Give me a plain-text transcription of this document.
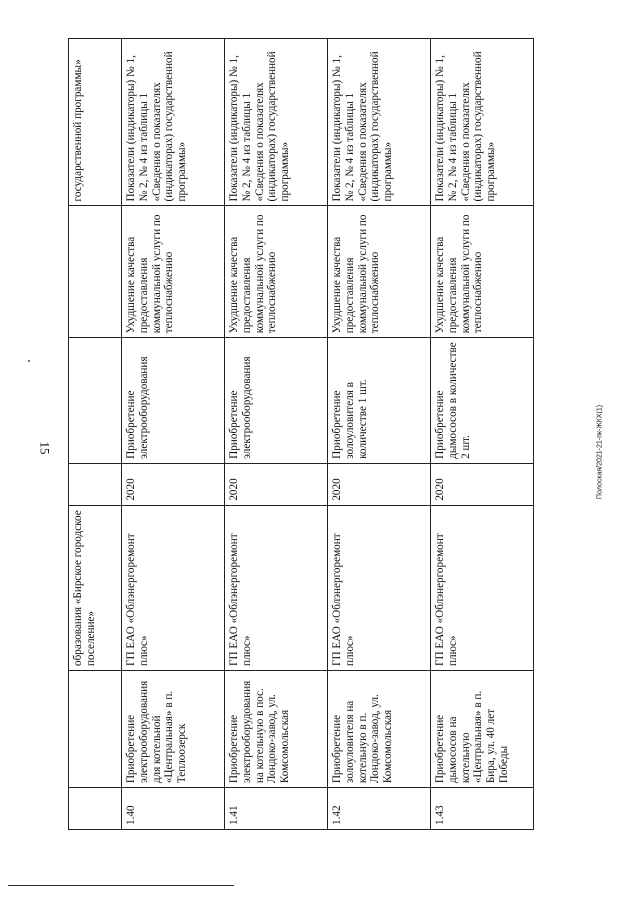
15
		образования «Бирское городское поселение»					государственной программы»
1.40	Приобретение электрооборудования для котельной «Центральная» в п. Теплоозерск	ГП ЕАО «Облэнергоремонт плюс»	2020		Приобретение электрооборудования	Ухудшение качества предоставления коммунальной услуги по теплоснабжению	Показатели (индикаторы) № 1, № 2, № 4 из таблицы 1 «Сведения о показателях (индикаторах) государственной программы»
1.41	Приобретение электрооборудования на котельную в пос. Лондоко-завод, ул. Комсомольская	ГП ЕАО «Облэнергоремонт плюс»	2020		Приобретение электрооборудования	Ухудшение качества предоставления коммунальной услуги по теплоснабжению	Показатели (индикаторы) № 1, № 2, № 4 из таблицы 1 «Сведения о показателях (индикаторах) государственной программы»
1.42	Приобретение золоуловителя на котельную в п. Лондоко-завод, ул. Комсомольская	ГП ЕАО «Облэнергоремонт плюс»	2020		Приобретение золоуловителя в количестве 1 шт.	Ухудшение качества предоставления коммунальной услуги по теплоснабжению	Показатели (индикаторы) № 1, № 2, № 4 из таблицы 1 «Сведения о показателях (индикаторах) государственной программы»
1.43	Приобретение дымососов на котельную «Центральная» в п. Бира, ул. 40 лет Победы	ГП ЕАО «Облэнергоремонт плюс»	2020		Приобретение дымососов в количестве 2 шт.	Ухудшение качества предоставления коммунальной услуги по теплоснабжению	Показатели (индикаторы) № 1, № 2, № 4 из таблицы 1 «Сведения о показателях (индикаторах) государственной программы»
Полоская/2021-21-пк-ЖКХ(1)
